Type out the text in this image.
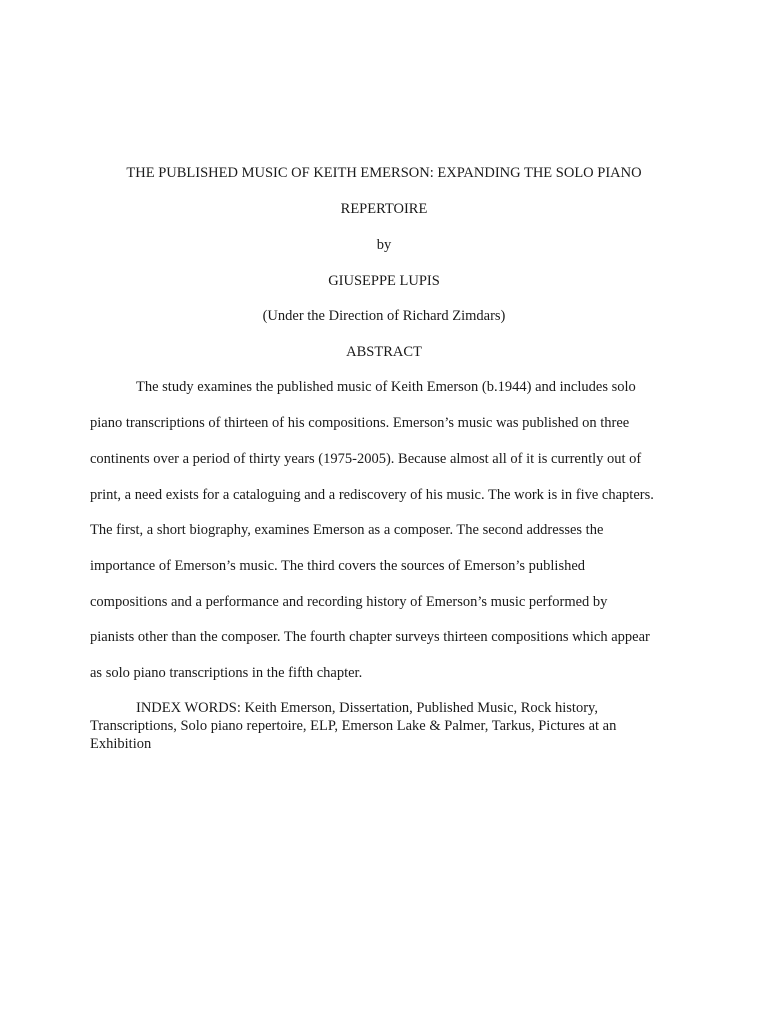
THE PUBLISHED MUSIC OF KEITH EMERSON: EXPANDING THE SOLO PIANO
REPERTOIRE
by
GIUSEPPE LUPIS
(Under the Direction of Richard Zimdars)
ABSTRACT
The study examines the published music of Keith Emerson (b.1944) and includes solo
piano transcriptions of thirteen of his compositions. Emerson’s music was published on three
continents over a period of thirty years (1975-2005). Because almost all of it is currently out of
print, a need exists for a cataloguing and a rediscovery of his music. The work is in five chapters.
The first, a short biography, examines Emerson as a composer. The second addresses the
importance of Emerson’s music. The third covers the sources of Emerson’s published
compositions and a performance and recording history of Emerson’s music performed by
pianists other than the composer. The fourth chapter surveys thirteen compositions which appear
as solo piano transcriptions in the fifth chapter.
INDEX WORDS: Keith Emerson, Dissertation, Published Music, Rock history,
Transcriptions, Solo piano repertoire, ELP, Emerson Lake & Palmer, Tarkus, Pictures at an
Exhibition
